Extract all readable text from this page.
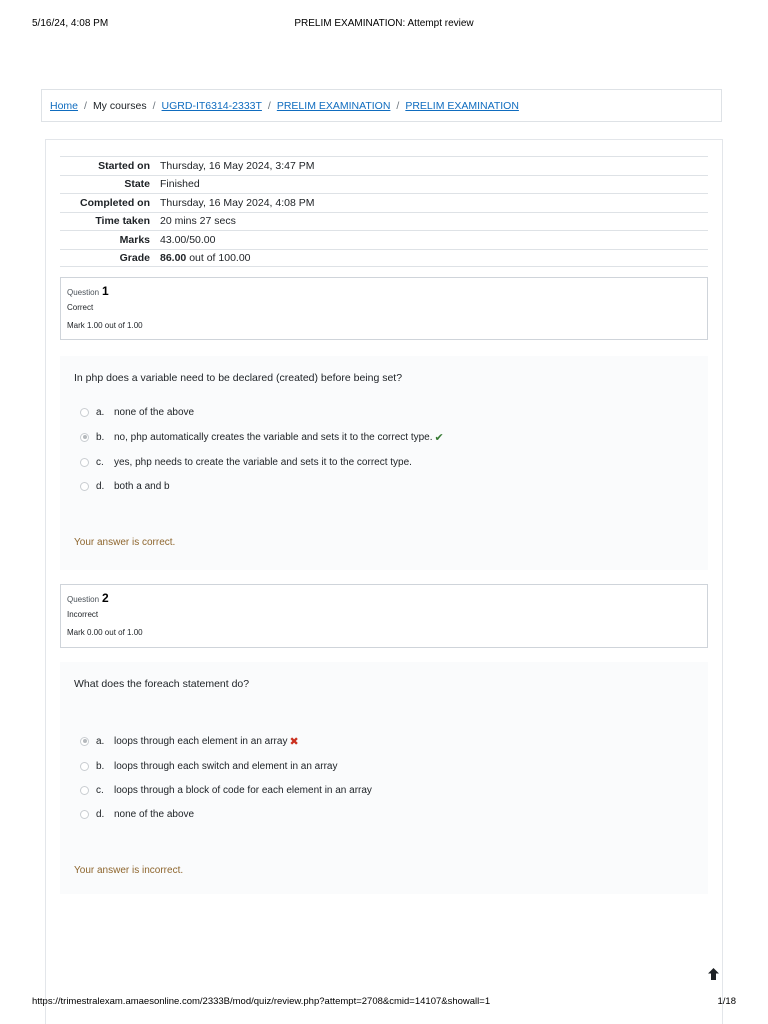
5/16/24, 4:08 PM	PRELIM EXAMINATION: Attempt review
Home / My courses / UGRD-IT6314-2333T / PRELIM EXAMINATION / PRELIM EXAMINATION
Started on Thursday, 16 May 2024, 3:47 PM
State Finished
Completed on Thursday, 16 May 2024, 4:08 PM
Time taken 20 mins 27 secs
Marks 43.00/50.00
Grade 86.00 out of 100.00
Question 1
Correct
Mark 1.00 out of 1.00
In php does a variable need to be declared (created) before being set?
a. none of the above
b. no, php automatically creates the variable and sets it to the correct type. ✔
c.	yes, php needs to create the variable and sets it to the correct type.
d. both a and b
Your answer is correct.
Question 2
Incorrect
Mark 0.00 out of 1.00
What does the foreach statement do?
a. loops through each element in an array ✖
b. loops through each switch and element in an array
c.	loops through a block of code for each element in an array
d. none of the above
Your answer is incorrect.
https://trimestralexam.amaesonline.com/2333B/mod/quiz/review.php?attempt=2708&cmid=14107&showall=1	1/18
